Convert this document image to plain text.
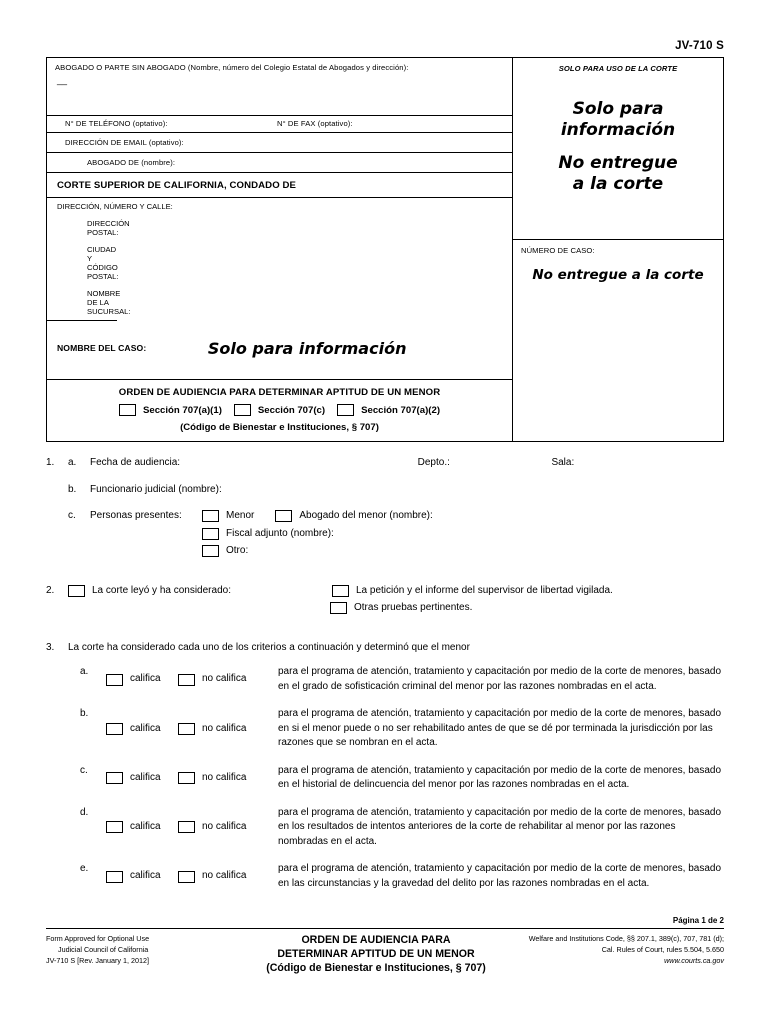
JV-710 S
ABOGADO O PARTE SIN ABOGADO (Nombre, número del Colegio Estatal de Abogados y dirección):
__
N° DE TELÉFONO (optativo):	N° DE FAX (optativo):
DIRECCIÓN DE EMAIL (optativo):
ABOGADO DE (nombre):
CORTE SUPERIOR DE CALIFORNIA, CONDADO DE
DIRECCIÓN, NÚMERO Y CALLE:
DIRECCIÓN POSTAL:
CIUDAD Y CÓDIGO POSTAL:
NOMBRE DE LA SUCURSAL:
NOMBRE DEL CASO:	Solo para información
ORDEN DE AUDIENCIA PARA DETERMINAR APTITUD DE UN MENOR
Sección 707(a)(1)	Sección 707(c)	Sección 707(a)(2)
(Código de Bienestar e Instituciones, § 707)
SOLO PARA USO DE LA CORTE
Solo para
información
No entregue
a la corte
NÚMERO DE CASO:
No entregue a la corte
1.	a.	Fecha de audiencia:	Depto.:	Sala:
b.	Funcionario judicial (nombre):
c.	Personas presentes:	Menor	Abogado del menor (nombre):
Fiscal adjunto (nombre):
Otro:
2.	La corte leyó y ha considerado:	La petición y el informe del supervisor de libertad vigilada.
Otras pruebas pertinentes.
3.	La corte ha considerado cada uno de los criterios a continuación y determinó que el menor
a.
califica	no califica
para el programa de atención, tratamiento y capacitación por medio de la corte de menores, basado en el grado de sofisticación criminal del menor por las razones nombradas en el acta.
b.
califica	no califica
para el programa de atención, tratamiento y capacitación por medio de la corte de menores, basado en si el menor puede o no ser rehabilitado antes de que se dé por terminada la jurisdicción por las razones que se nombran en el acta.
c.
califica	no califica
para el programa de atención, tratamiento y capacitación por medio de la corte de menores, basado en el historial de delincuencia del menor por las razones nombradas en el acta.
d.
califica	no califica
para el programa de atención, tratamiento y capacitación por medio de la corte de menores, basado en los resultados de intentos anteriores de la corte de rehabilitar al menor por las razones nombradas en el acta.
e.
califica	no califica
para el programa de atención, tratamiento y capacitación por medio de la corte de menores, basado en las circunstancias y la gravedad del delito por las razones nombradas en el acta.
Página 1 de 2
Form Approved for Optional Use
Judicial Council of California
JV-710 S [Rev. January 1, 2012]
ORDEN DE AUDIENCIA PARA
DETERMINAR APTITUD DE UN MENOR
(Código de Bienestar e Instituciones, § 707)
Welfare and Institutions Code, §§ 207.1, 389(c), 707, 781 (d);
Cal. Rules of Court, rules 5.504, 5.650
www.courts.ca.gov
